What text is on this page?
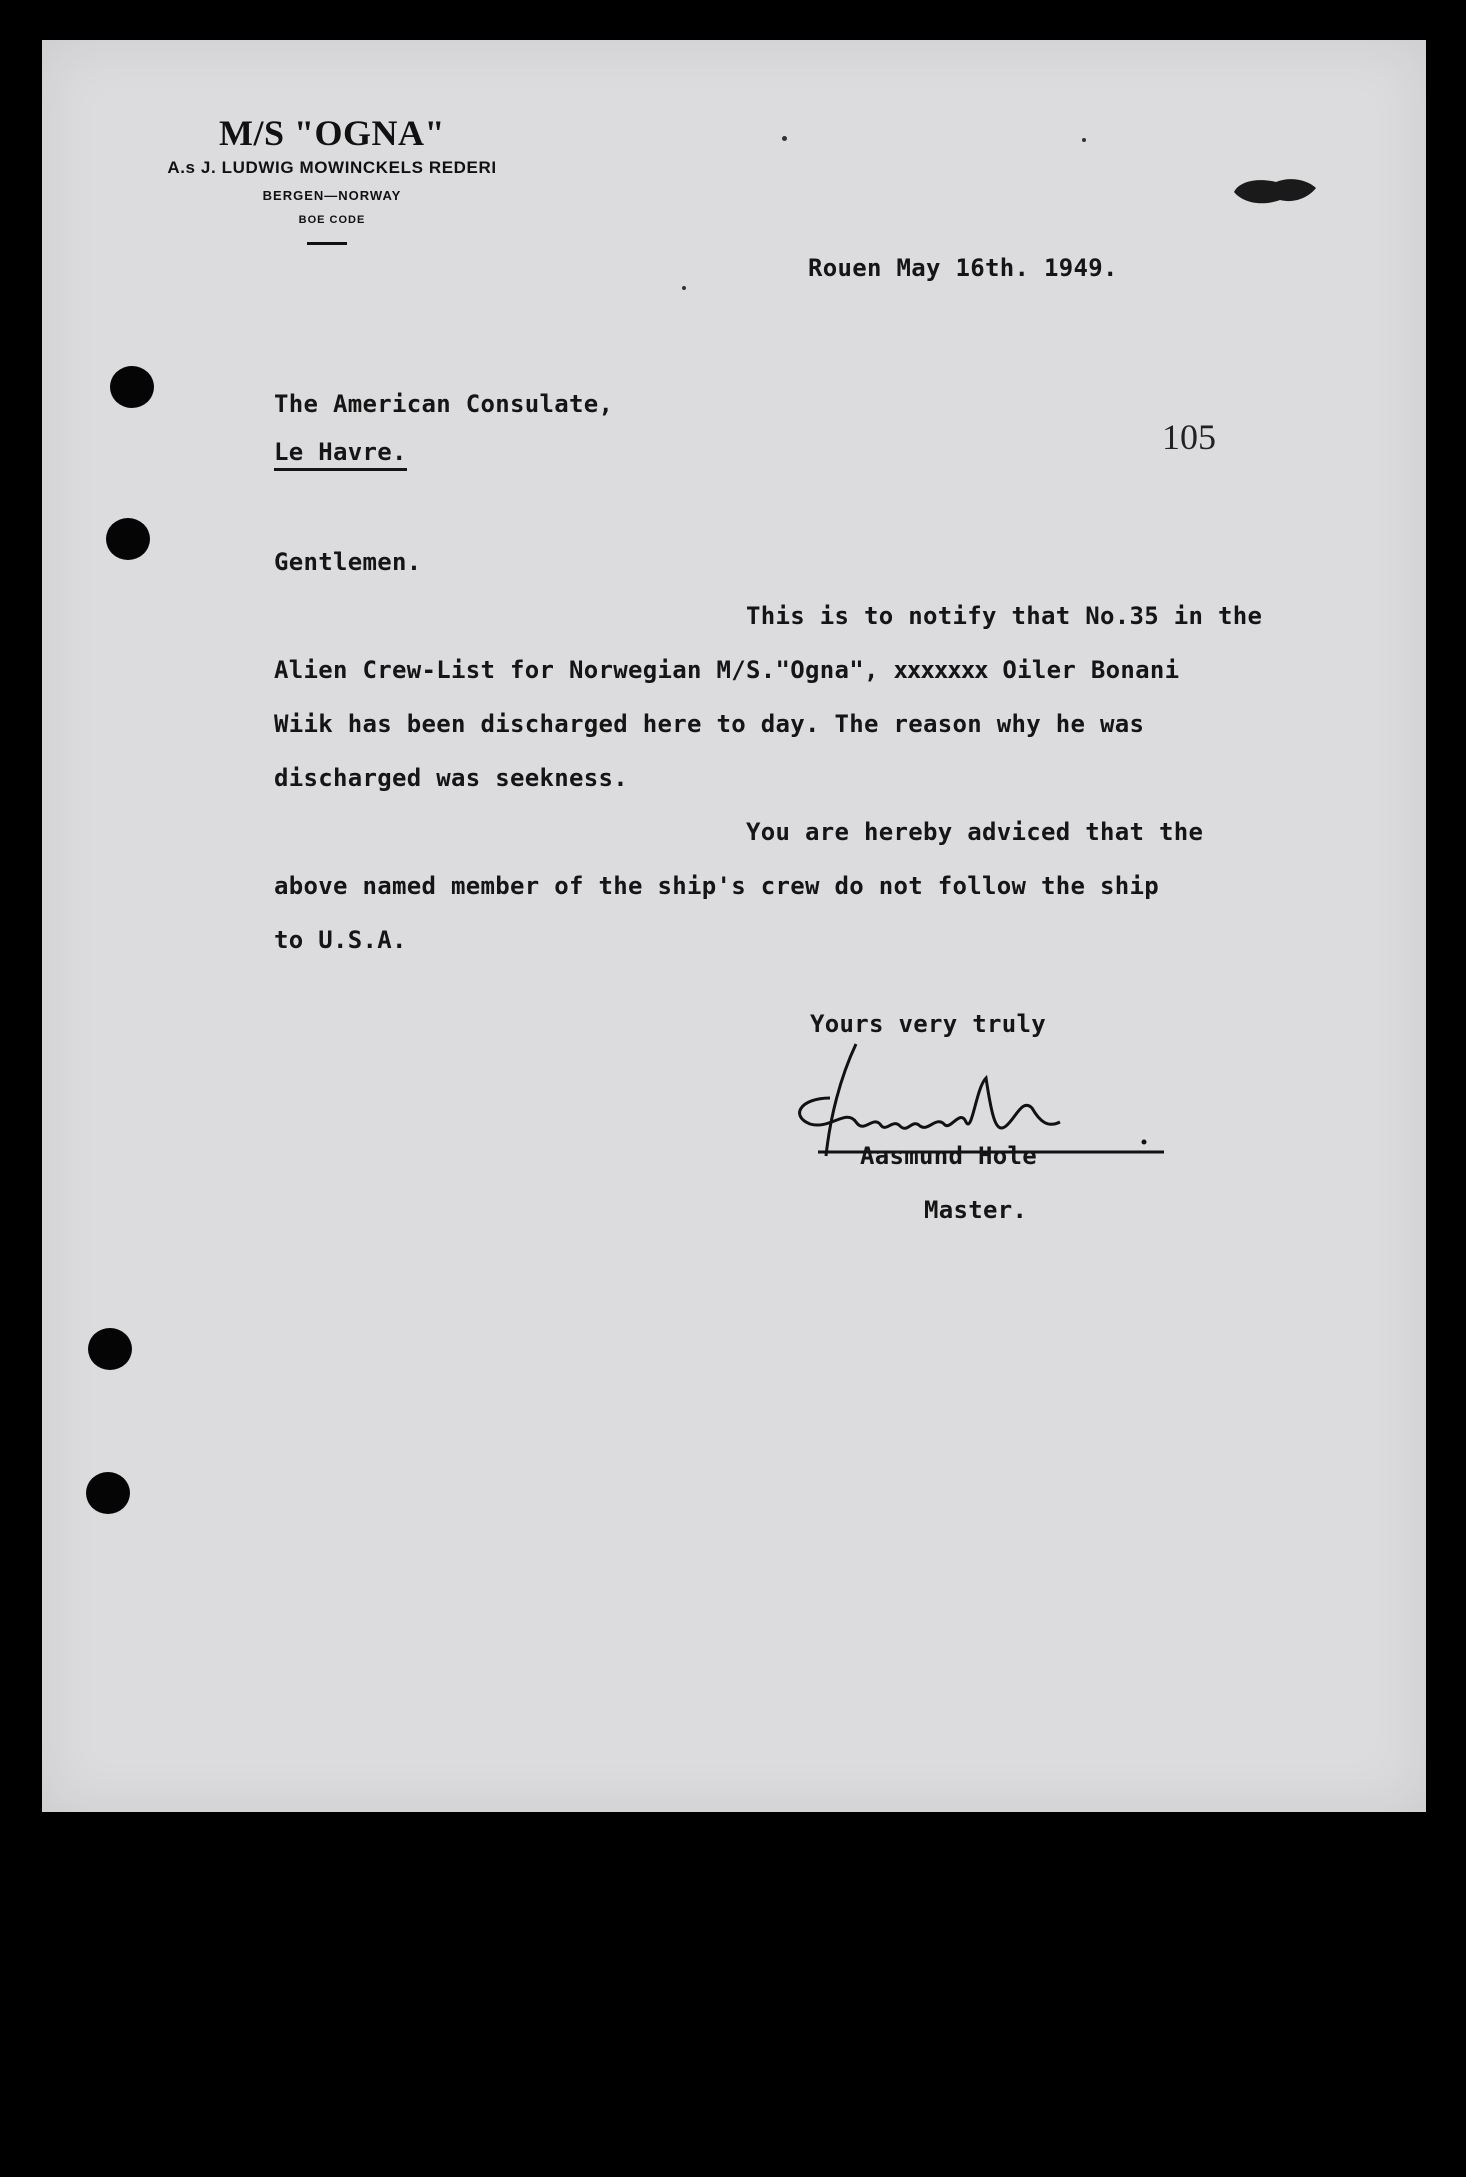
M/S "OGNA"
A.s J. LUDWIG MOWINCKELS REDERI
BERGEN—NORWAY
BOE CODE
Rouen May 16th. 1949.
105
The American Consulate,
Le Havre.
Gentlemen.
This is to notify that No.35 in the
Alien Crew-List for Norwegian M/S."Ogna", xxxxxxx Oiler Bonani
Wiik has been discharged here to day. The reason why he was
discharged was seekness.
You are hereby adviced that the
above named member of the ship's crew do not follow the ship
to U.S.A.
Yours very truly
Aasmund Hole
Master.
